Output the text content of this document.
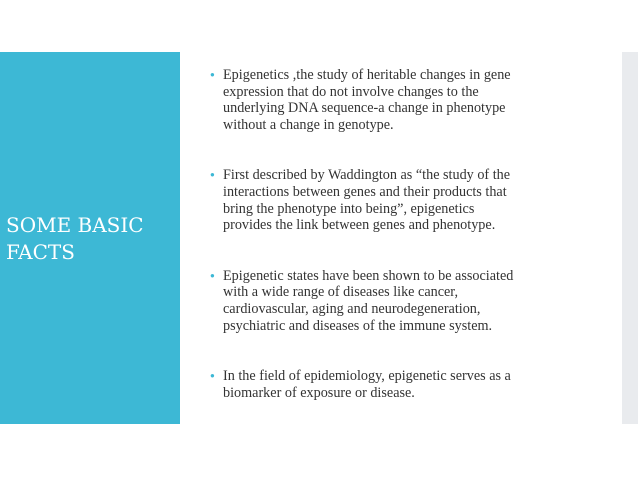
SOME BASIC
FACTS
● Epigenetics ,the study of heritable changes in gene
expression that do not involve changes to the
underlying DNA sequence-a change in phenotype
without a change in genotype.
● First described by Waddington as “the study of the
interactions between genes and their products that
bring the phenotype into being”, epigenetics
provides the link between genes and phenotype.
● Epigenetic states have been shown to be associated
with a wide range of diseases like cancer,
cardiovascular, aging and neurodegeneration,
psychiatric and diseases of the immune system.
● In the field of epidemiology, epigenetic serves as a
biomarker of exposure or disease.
